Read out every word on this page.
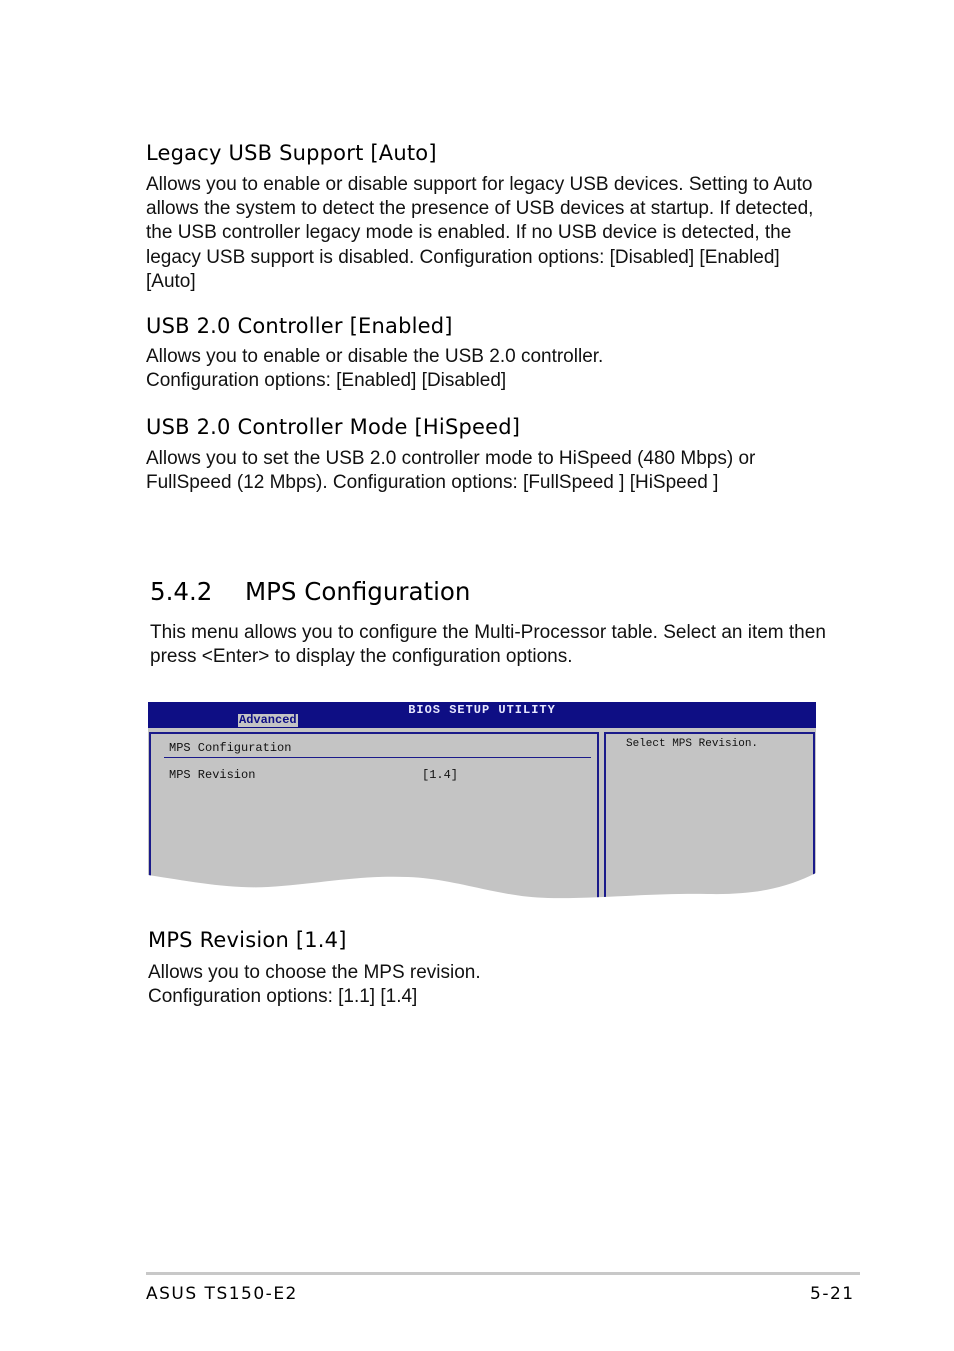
Legacy USB Support [Auto]

Allows you to enable or disable support for legacy USB devices. Setting to Auto allows the system to detect the presence of USB devices at startup. If detected, the USB controller legacy mode is enabled. If no USB device is detected, the legacy USB support is disabled. Configuration options: [Disabled] [Enabled] [Auto]

USB 2.0 Controller [Enabled]

Allows you to enable or disable the USB 2.0 controller.
Configuration options: [Enabled] [Disabled]

USB 2.0 Controller Mode [HiSpeed]

Allows you to set the USB 2.0 controller mode to HiSpeed (480 Mbps) or FullSpeed (12 Mbps). Configuration options: [FullSpeed ] [HiSpeed ]

5.4.2 MPS Configuration

This menu allows you to configure the Multi-Processor table. Select an item then press <Enter> to display the configuration options.

BIOS SETUP UTILITY
Advanced
MPS Configuration
MPS Revision	[1.4]
Select MPS Revision.
MPS Revision [1.4]

Allows you to choose the MPS revision.
Configuration options: [1.1] [1.4]

ASUS TS150-E2	5-21
